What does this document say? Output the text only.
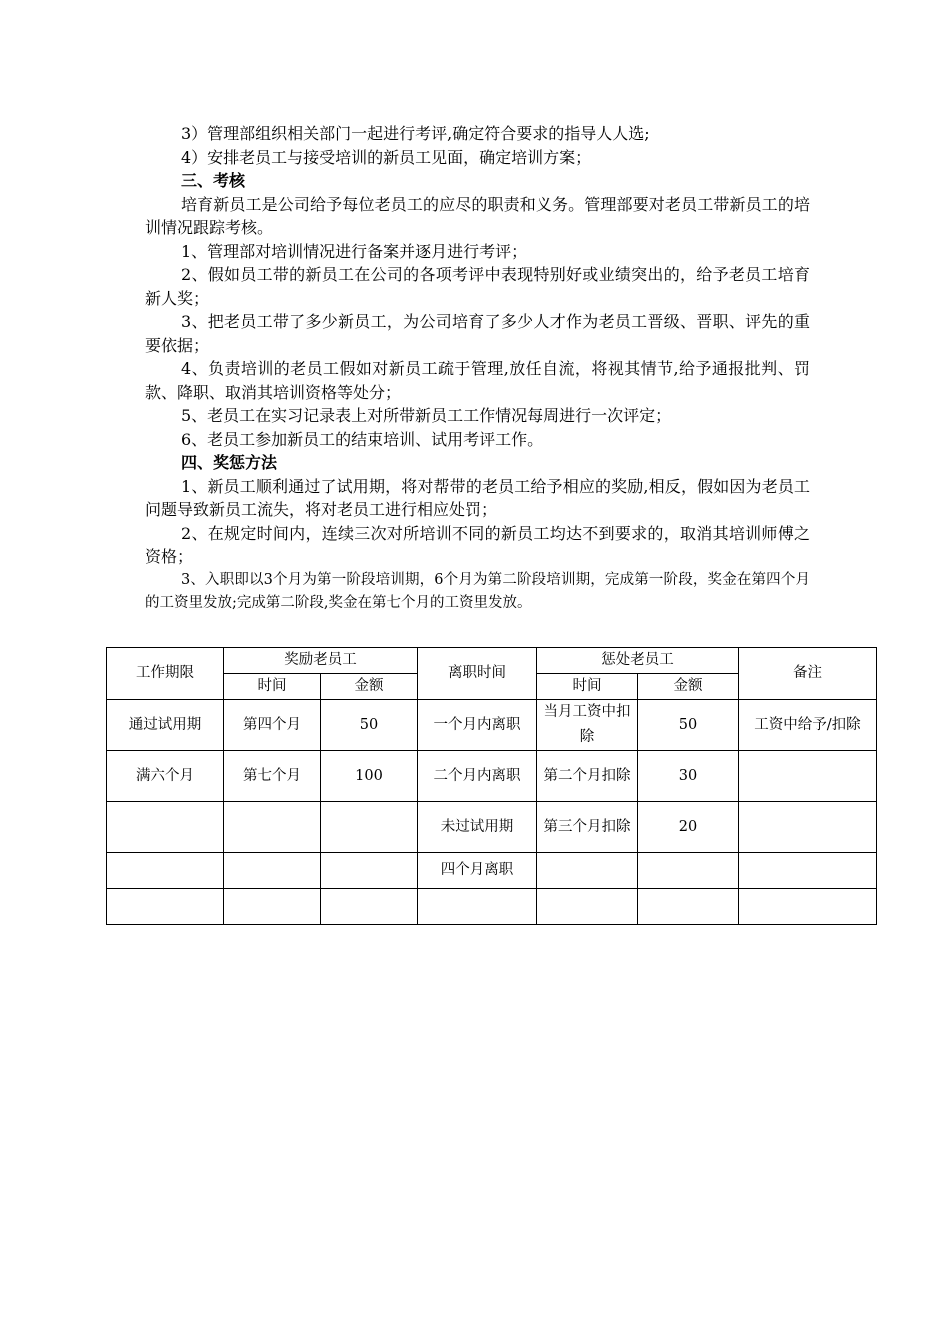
3）管理部组织相关部门一起进行考评,确定符合要求的指导人人选;

4）安排老员工与接受培训的新员工见面，确定培训方案；

三、考核

培育新员工是公司给予每位老员工的应尽的职责和义务。管理部要对老员工带新员工的培训情况跟踪考核。

1、管理部对培训情况进行备案并逐月进行考评；

2、假如员工带的新员工在公司的各项考评中表现特别好或业绩突出的，给予老员工培育新人奖；

3、把老员工带了多少新员工，为公司培育了多少人才作为老员工晋级、晋职、评先的重要依据；

4、负责培训的老员工假如对新员工疏于管理,放任自流，将视其情节,给予通报批判、罚款、降职、取消其培训资格等处分；

5、老员工在实习记录表上对所带新员工工作情况每周进行一次评定；

6、老员工参加新员工的结束培训、试用考评工作。

四、奖惩方法

1、新员工顺利通过了试用期，将对帮带的老员工给予相应的奖励,相反，假如因为老员工问题导致新员工流失，将对老员工进行相应处罚；

2、在规定时间内，连续三次对所培训不同的新员工均达不到要求的，取消其培训师傅之资格；

3、入职即以3个月为第一阶段培训期，6个月为第二阶段培训期，完成第一阶段，奖金在第四个月的工资里发放;完成第二阶段,奖金在第七个月的工资里发放。

工作期限	奖励老员工		离职时间	惩处老员工		备注
	时间	金额		时间	金额	
通过试用期	第四个月	50	一个月内离职	当月工资中扣除	50	工资中给予/扣除
满六个月	第七个月	100	二个月内离职	第二个月扣除	30	
			未过试用期	第三个月扣除	20	
			四个月离职			
